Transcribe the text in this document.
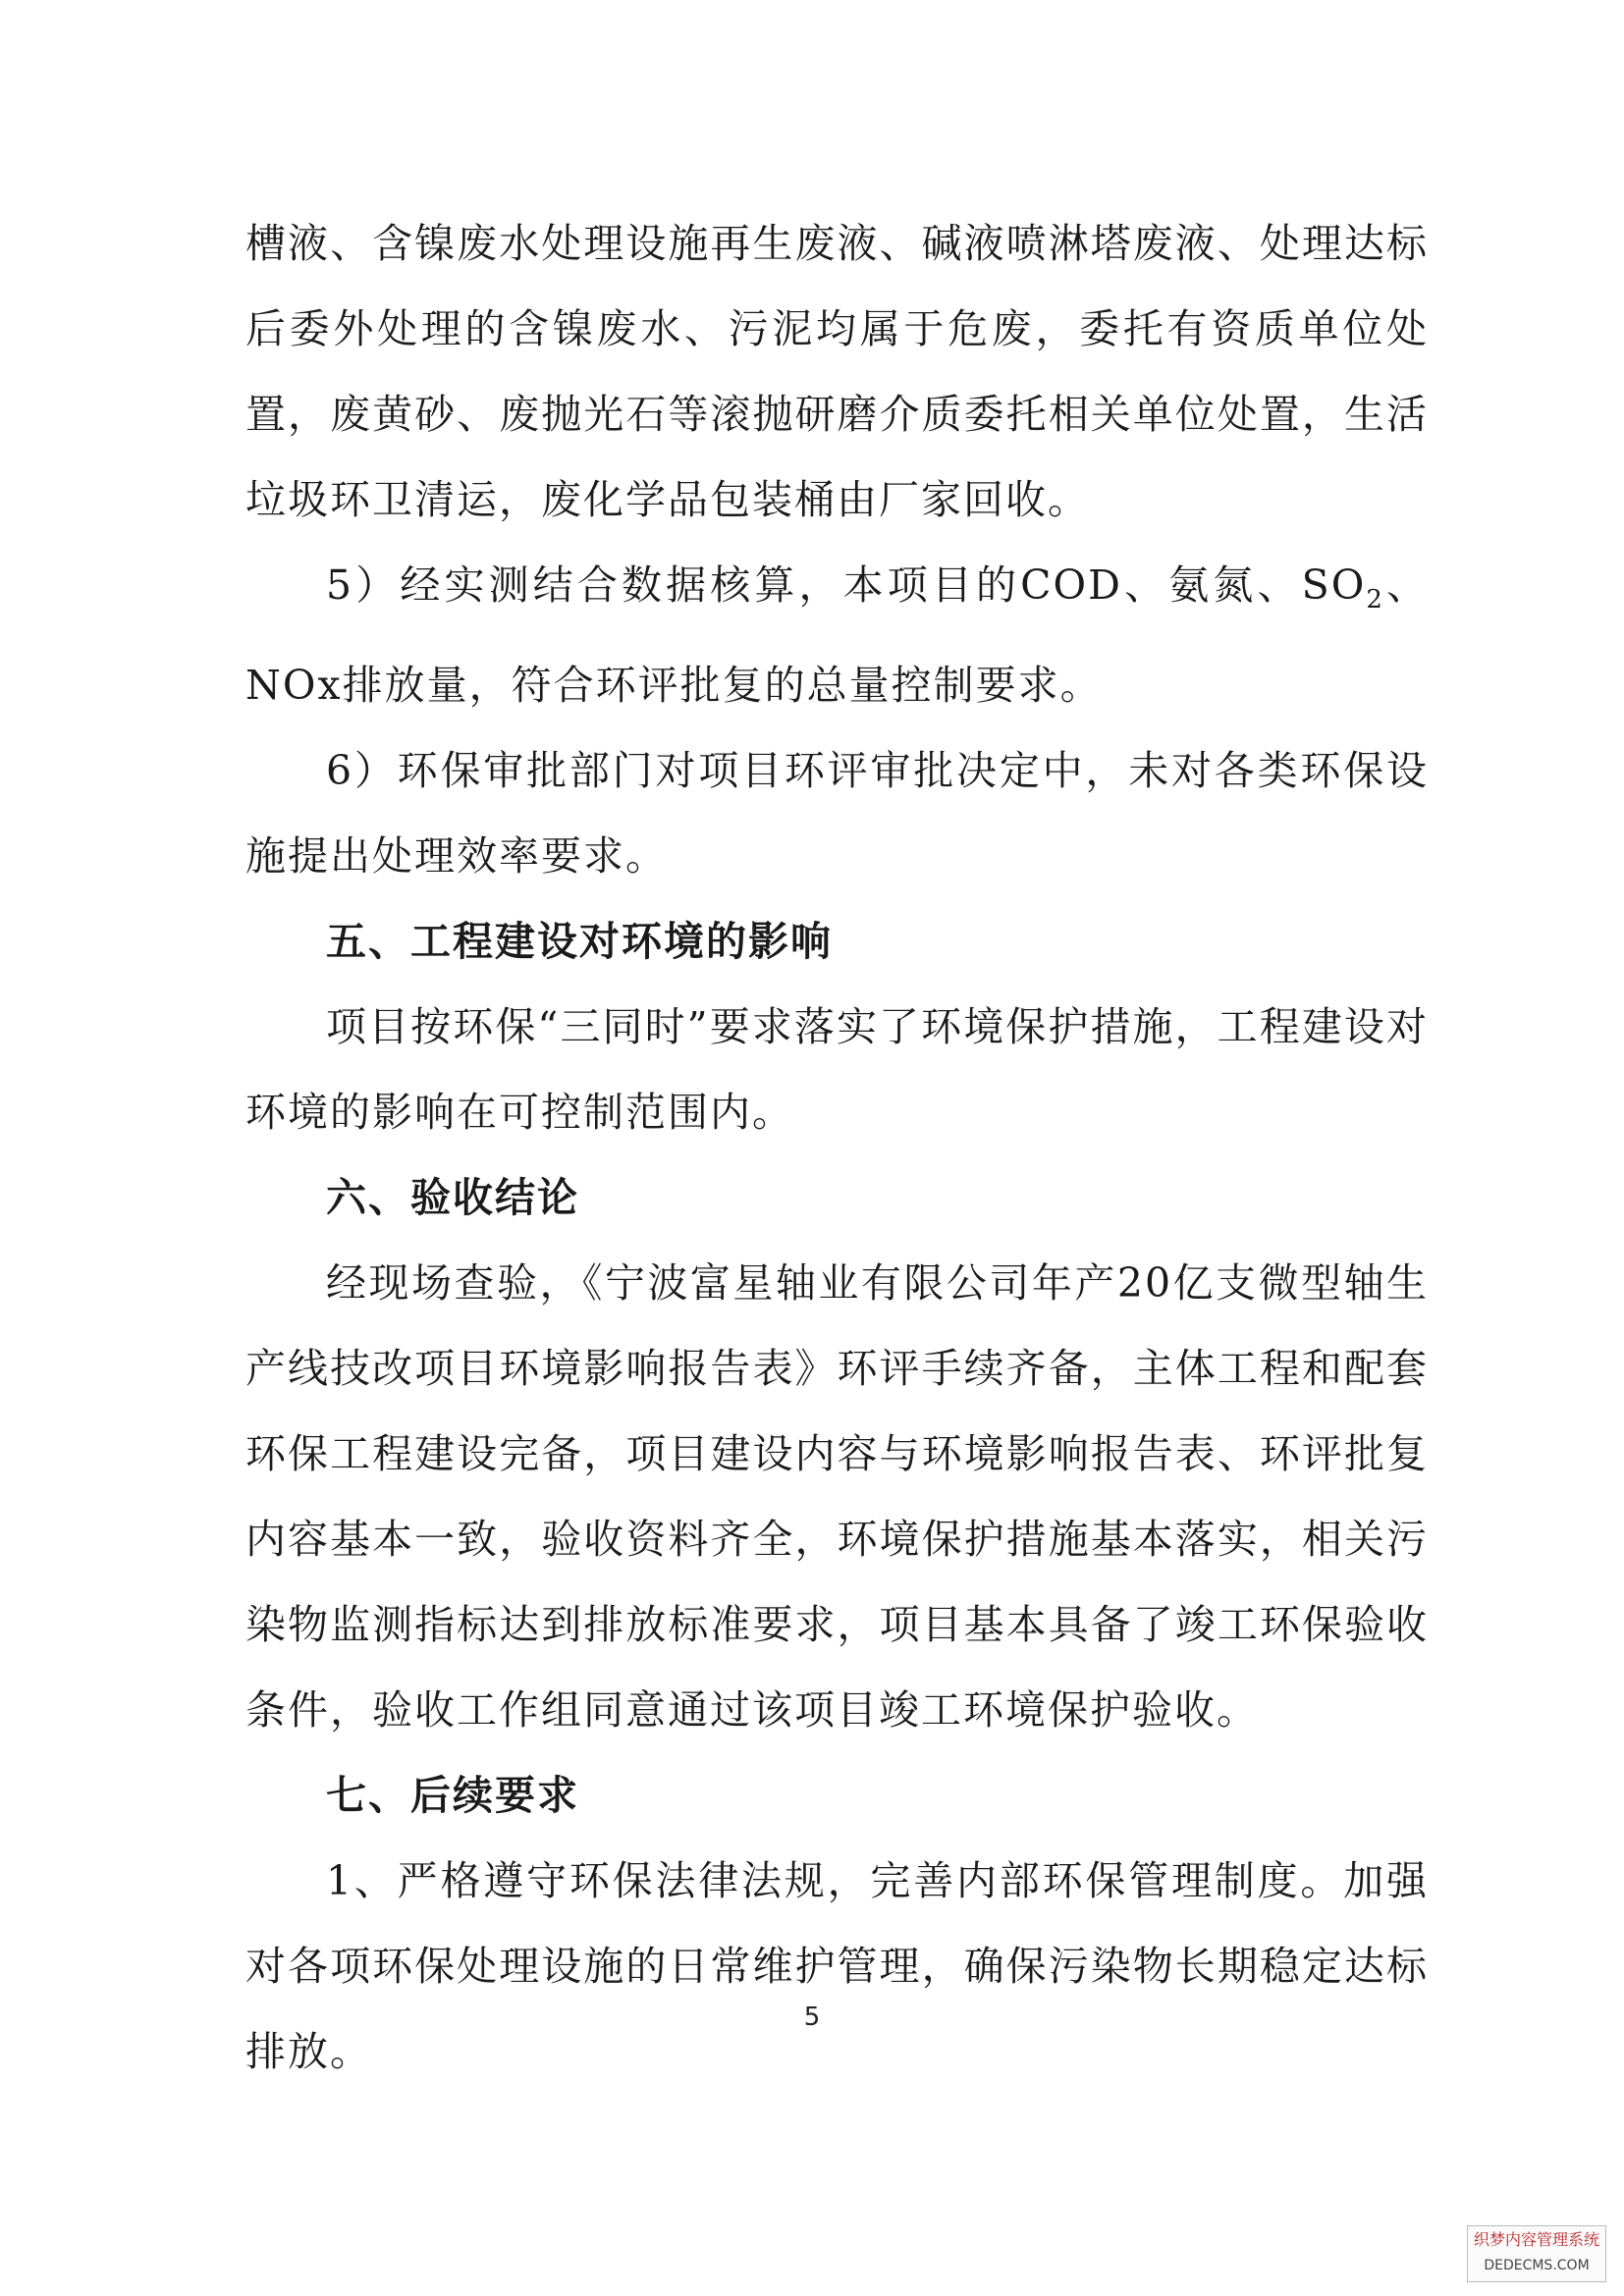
槽液、含镍废水处理设施再生废液、碱液喷淋塔废液、处理达标后委外处理的含镍废水、污泥均属于危废，委托有资质单位处置，废黄砂、废抛光石等滚抛研磨介质委托相关单位处置，生活垃圾环卫清运，废化学品包装桶由厂家回收。

5）经实测结合数据核算，本项目的COD、氨氮、$SO_2$、NOx排放量，符合环评批复的总量控制要求。

6）环保审批部门对项目环评审批决定中，未对各类环保设施提出处理效率要求。

五、工程建设对环境的影响

项目按环保“三同时”要求落实了环境保护措施，工程建设对环境的影响在可控制范围内。

六、验收结论

经现场查验，《宁波富星轴业有限公司年产20亿支微型轴生产线技改项目环境影响报告表》环评手续齐备，主体工程和配套环保工程建设完备，项目建设内容与环境影响报告表、环评批复内容基本一致，验收资料齐全，环境保护措施基本落实，相关污染物监测指标达到排放标准要求，项目基本具备了竣工环保验收条件，验收工作组同意通过该项目竣工环境保护验收。

七、后续要求

1、严格遵守环保法律法规，完善内部环保管理制度。加强对各项环保处理设施的日常维护管理，确保污染物长期稳定达标排放。

5
织梦内容管理系统
DEDECMS.COM
